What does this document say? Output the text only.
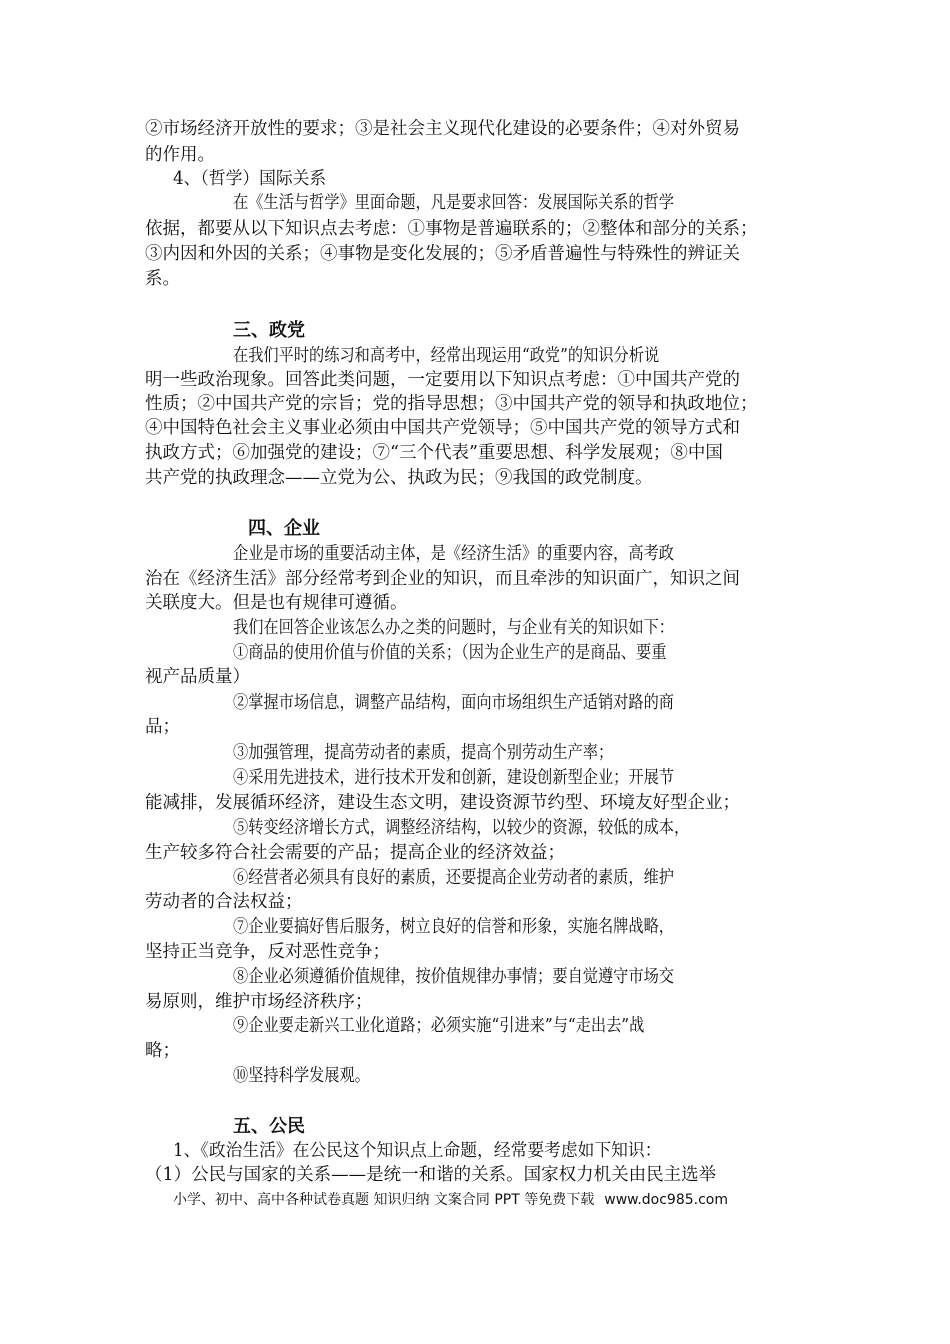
②市场经济开放性的要求；③是社会主义现代化建设的必要条件；④对外贸易
的作用。
4、（哲学）国际关系
在《生活与哲学》里面命题，凡是要求回答：发展国际关系的哲学
依据，都要从以下知识点去考虑：①事物是普遍联系的；②整体和部分的关系；
③内因和外因的关系；④事物是变化发展的；⑤矛盾普遍性与特殊性的辨证关
系。
三、政党
在我们平时的练习和高考中，经常出现运用“政党”的知识分析说
明一些政治现象。回答此类问题，一定要用以下知识点考虑：①中国共产党的
性质；②中国共产党的宗旨；党的指导思想；③中国共产党的领导和执政地位；
④中国特色社会主义事业必须由中国共产党领导；⑤中国共产党的领导方式和
执政方式；⑥加强党的建设；⑦“三个代表”重要思想、科学发展观；⑧中国
共产党的执政理念——立党为公、执政为民；⑨我国的政党制度。
四、企业
企业是市场的重要活动主体，是《经济生活》的重要内容，高考政
治在《经济生活》部分经常考到企业的知识，而且牵涉的知识面广，知识之间
关联度大。但是也有规律可遵循。
我们在回答企业该怎么办之类的问题时，与企业有关的知识如下：
①商品的使用价值与价值的关系；（因为企业生产的是商品、要重
视产品质量）
②掌握市场信息，调整产品结构，面向市场组织生产适销对路的商
品；
③加强管理，提高劳动者的素质，提高个别劳动生产率；
④采用先进技术，进行技术开发和创新，建设创新型企业；开展节
能减排，发展循环经济，建设生态文明，建设资源节约型、环境友好型企业；
⑤转变经济增长方式，调整经济结构，以较少的资源，较低的成本，
生产较多符合社会需要的产品；提高企业的经济效益；
⑥经营者必须具有良好的素质，还要提高企业劳动者的素质，维护
劳动者的合法权益；
⑦企业要搞好售后服务，树立良好的信誉和形象，实施名牌战略，
坚持正当竞争，反对恶性竞争；
⑧企业必须遵循价值规律，按价值规律办事情；要自觉遵守市场交
易原则，维护市场经济秩序；
⑨企业要走新兴工业化道路；必须实施“引进来”与“走出去”战
略；
⑩坚持科学发展观。
五、公民
1、《政治生活》在公民这个知识点上命题，经常要考虑如下知识：
（1）公民与国家的关系——是统一和谐的关系。国家权力机关由民主选举
小学、初中、高中各种试卷真题 知识归纳 文案合同 PPT 等免费下载 www.doc985.com
